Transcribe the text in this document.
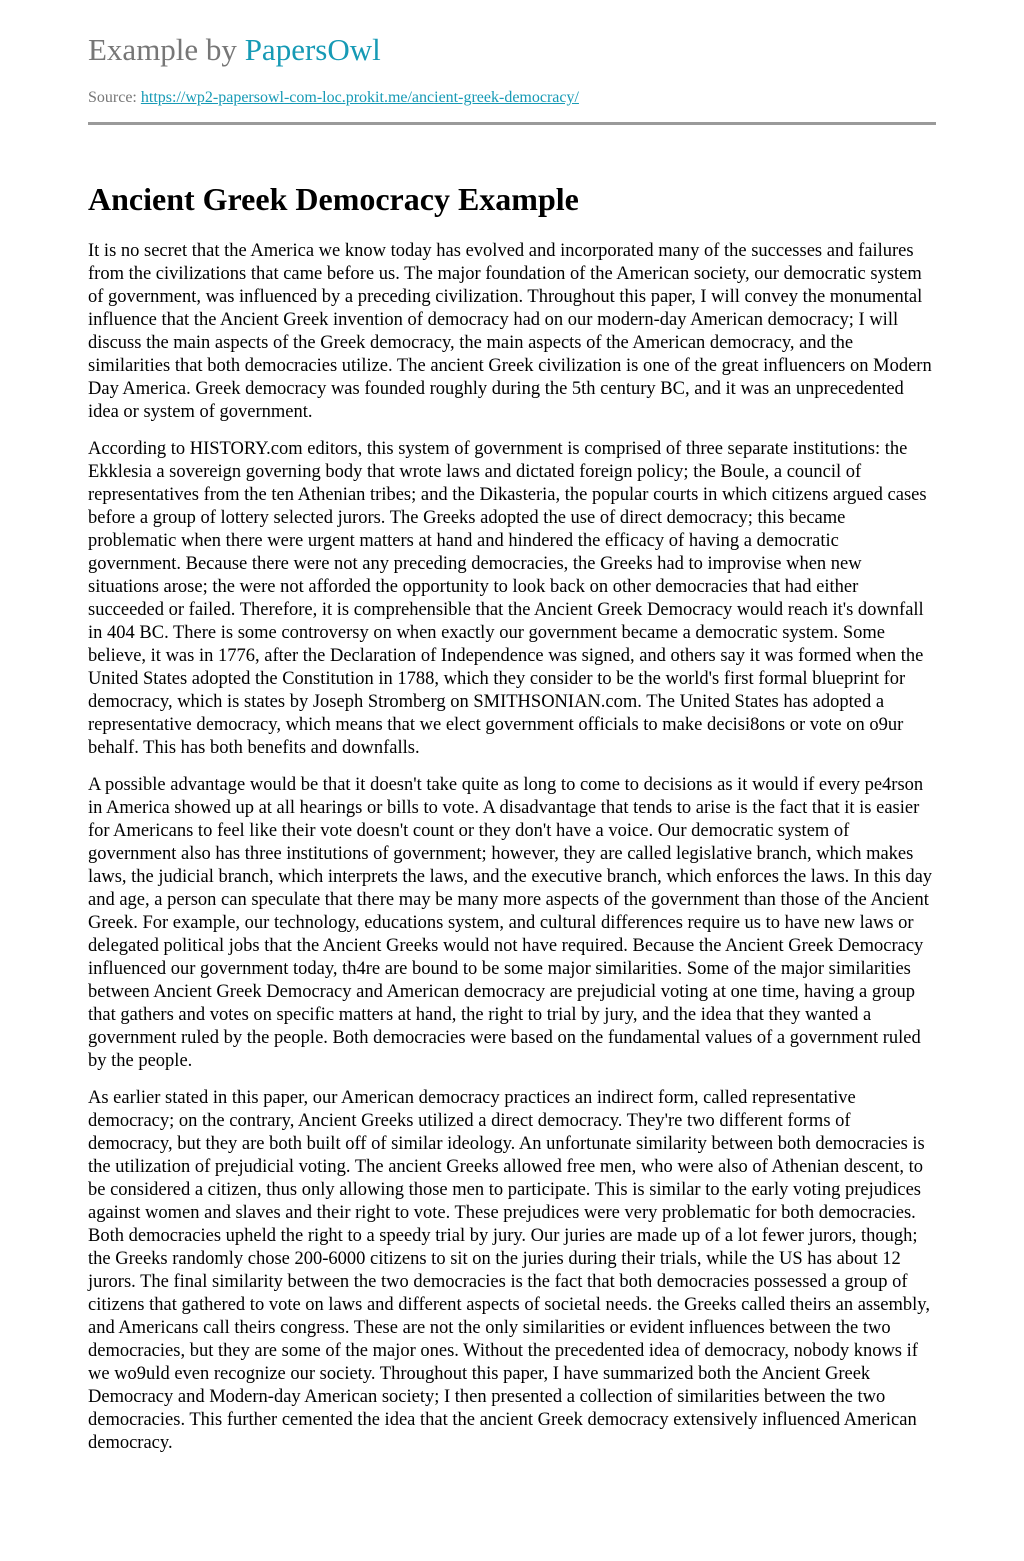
Example by PapersOwl
Source: https://wp2-papersowl-com-loc.prokit.me/ancient-greek-democracy/
Ancient Greek Democracy Example

It is no secret that the America we know today has evolved and incorporated many of the successes and failures from the civilizations that came before us. The major foundation of the American society, our democratic system of government, was influenced by a preceding civilization. Throughout this paper, I will convey the monumental influence that the Ancient Greek invention of democracy had on our modern-day American democracy; I will discuss the main aspects of the Greek democracy, the main aspects of the American democracy, and the similarities that both democracies utilize. The ancient Greek civilization is one of the great influencers on Modern Day America. Greek democracy was founded roughly during the 5th century BC, and it was an unprecedented idea or system of government.

According to HISTORY.com editors, this system of government is comprised of three separate institutions: the Ekklesia a sovereign governing body that wrote laws and dictated foreign policy; the Boule, a council of representatives from the ten Athenian tribes; and the Dikasteria, the popular courts in which citizens argued cases before a group of lottery selected jurors. The Greeks adopted the use of direct democracy; this became problematic when there were urgent matters at hand and hindered the efficacy of having a democratic government. Because there were not any preceding democracies, the Greeks had to improvise when new situations arose; the were not afforded the opportunity to look back on other democracies that had either succeeded or failed. Therefore, it is comprehensible that the Ancient Greek Democracy would reach it's downfall in 404 BC. There is some controversy on when exactly our government became a democratic system. Some believe, it was in 1776, after the Declaration of Independence was signed, and others say it was formed when the United States adopted the Constitution in 1788, which they consider to be the world's first formal blueprint for democracy, which is states by Joseph Stromberg on SMITHSONIAN.com. The United States has adopted a representative democracy, which means that we elect government officials to make decisi8ons or vote on o9ur behalf. This has both benefits and downfalls.

A possible advantage would be that it doesn't take quite as long to come to decisions as it would if every pe4rson in America showed up at all hearings or bills to vote. A disadvantage that tends to arise is the fact that it is easier for Americans to feel like their vote doesn't count or they don't have a voice. Our democratic system of government also has three institutions of government; however, they are called legislative branch, which makes laws, the judicial branch, which interprets the laws, and the executive branch, which enforces the laws. In this day and age, a person can speculate that there may be many more aspects of the government than those of the Ancient Greek. For example, our technology, educations system, and cultural differences require us to have new laws or delegated political jobs that the Ancient Greeks would not have required. Because the Ancient Greek Democracy influenced our government today, th4re are bound to be some major similarities. Some of the major similarities between Ancient Greek Democracy and American democracy are prejudicial voting at one time, having a group that gathers and votes on specific matters at hand, the right to trial by jury, and the idea that they wanted a government ruled by the people. Both democracies were based on the fundamental values of a government ruled by the people.

As earlier stated in this paper, our American democracy practices an indirect form, called representative democracy; on the contrary, Ancient Greeks utilized a direct democracy. They're two different forms of democracy, but they are both built off of similar ideology. An unfortunate similarity between both democracies is the utilization of prejudicial voting. The ancient Greeks allowed free men, who were also of Athenian descent, to be considered a citizen, thus only allowing those men to participate. This is similar to the early voting prejudices against women and slaves and their right to vote. These prejudices were very problematic for both democracies. Both democracies upheld the right to a speedy trial by jury. Our juries are made up of a lot fewer jurors, though; the Greeks randomly chose 200-6000 citizens to sit on the juries during their trials, while the US has about 12 jurors. The final similarity between the two democracies is the fact that both democracies possessed a group of citizens that gathered to vote on laws and different aspects of societal needs. the Greeks called theirs an assembly, and Americans call theirs congress. These are not the only similarities or evident influences between the two democracies, but they are some of the major ones. Without the precedented idea of democracy, nobody knows if we wo9uld even recognize our society. Throughout this paper, I have summarized both the Ancient Greek Democracy and Modern-day American society; I then presented a collection of similarities between the two democracies. This further cemented the idea that the ancient Greek democracy extensively influenced American democracy.
